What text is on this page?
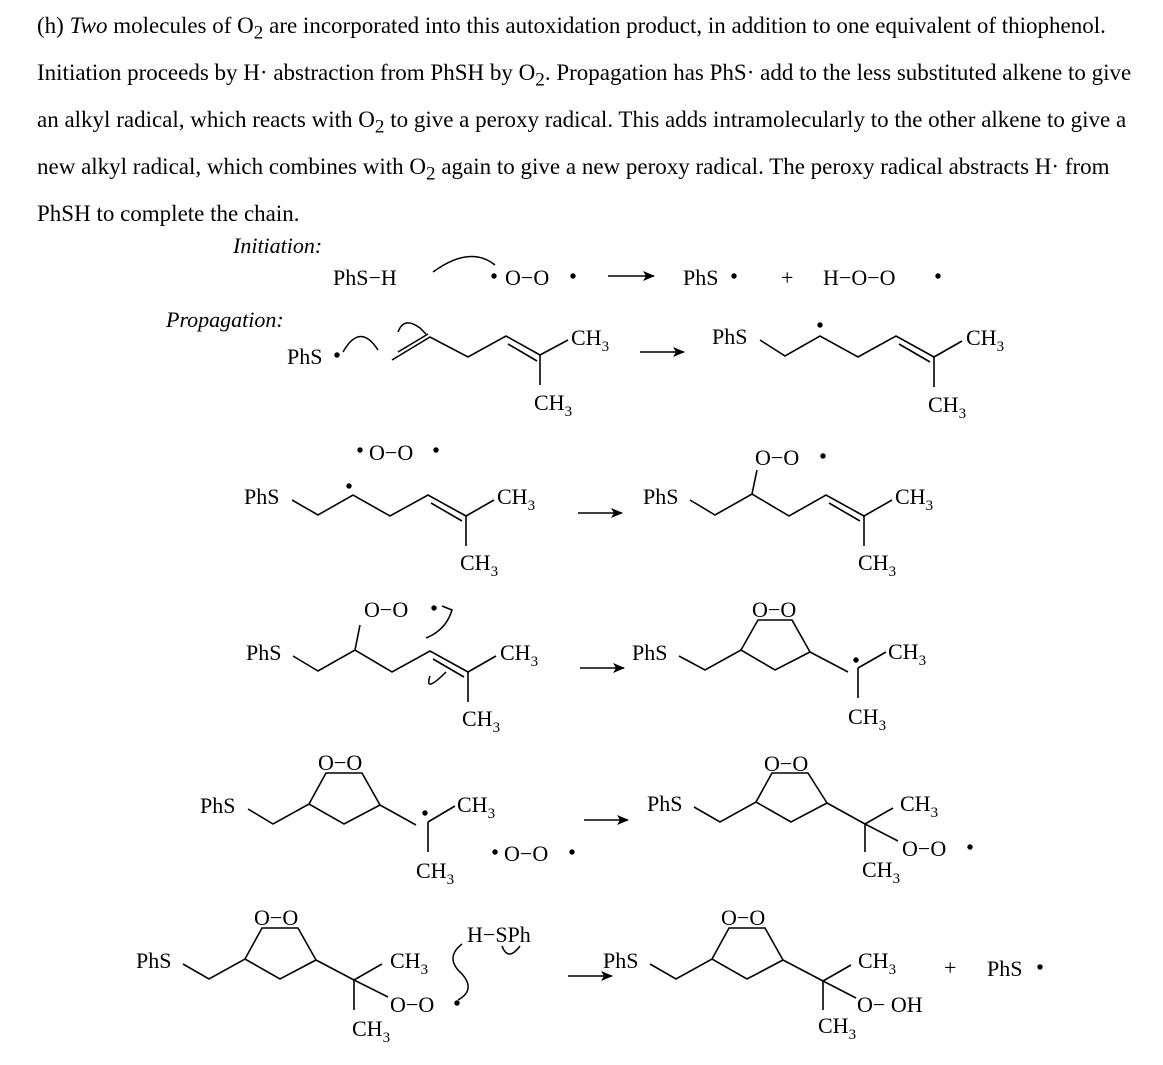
(h) Two molecules of $O_2$ are incorporated into this autoxidation product, in addition to one equivalent of thiophenol. Initiation proceeds by H· abstraction from PhSH by $O_2$. Propagation has PhS· add to the less substituted alkene to give an alkyl radical, which reacts with $O_2$ to give a peroxy radical. This adds intramolecularly to the other alkene to give a new alkyl radical, which combines with $O_2$ again to give a new peroxy radical. The peroxy radical abstracts H· from PhSH to complete the chain.

Initiation:
PhS−H	O−O	PhS	+ H−O−O
Propagation:
PhS
$CH_3$
$CH_3$
PhS	$CH_3$
$CH_3$
O−O
PhS	$CH_3$
$CH_3$
PhS
O−O
$CH_3$
$CH_3$
O−O
PhS	$CH_3$
$CH_3$
PhS
O−O
$CH_3$
$CH_3$
PhS
O−O
$CH_3$
$CH_3$
O−O
PhS
O−O
$CH_3$
O−O
$CH_3$
PhS
O−O
$CH_3$
O−O
$CH_3$
H−SPh
PhS
O−O
$CH_3$
O− OH
$CH_3$
+ PhS
